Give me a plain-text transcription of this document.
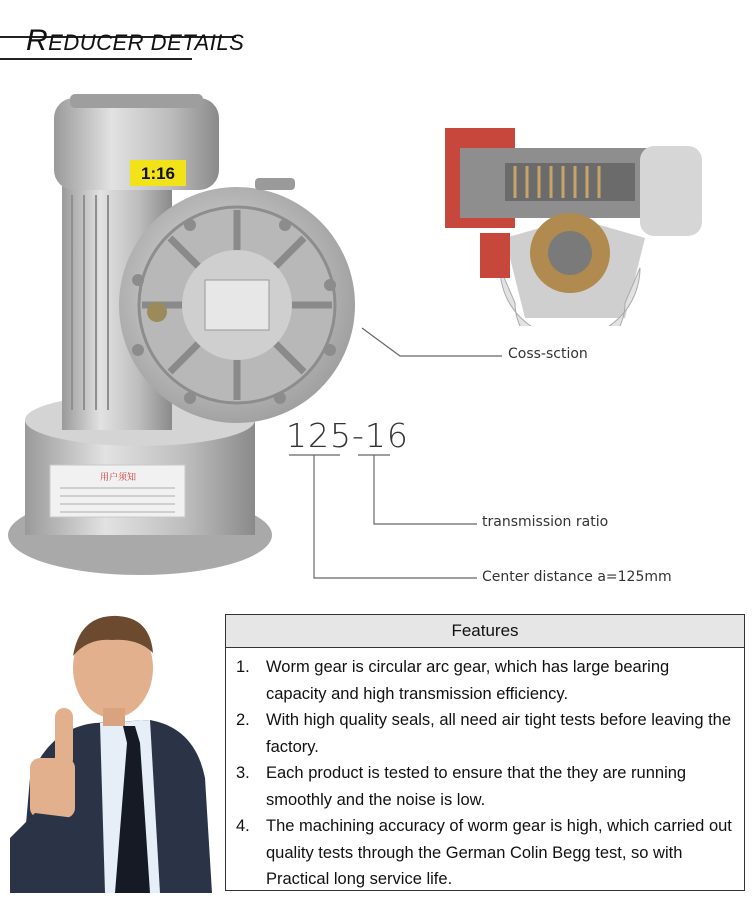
REDUCER DETAILS
1:16
用户须知
Coss-sction
125-16
transmission ratio
Center distance a=125mm
Features
1. Worm gear is circular arc gear, which has large bearing capacity and high transmission efficiency.
2. With high quality seals, all need air tight tests before leaving the factory.
3. Each product is tested to ensure that the they are running smoothly and the noise is low.
4. The machining accuracy of worm gear is high, which carried out quality tests through the German Colin Begg test, so with Practical long service life.
